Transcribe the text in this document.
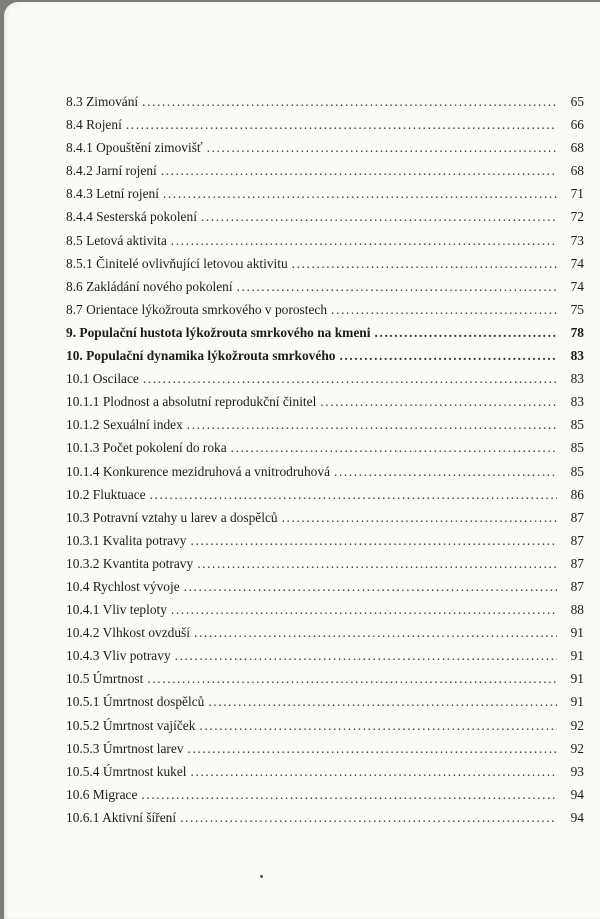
8.3 Zimování .....	65
8.4 Rojení .....	66
8.4.1 Opouštění zimovišť .....	68
8.4.2 Jarní rojení .....	68
8.4.3 Letní rojení .....	71
8.4.4 Sesterská pokolení .....	72
8.5 Letová aktivita .....	73
8.5.1 Činitelé ovlivňující letovou aktivitu .....	74
8.6 Zakládání nového pokolení .....	74
8.7 Orientace lýkožrouta smrkového v porostech .....	75
9. Populační hustota lýkožrouta smrkového na kmeni .....	78
10. Populační dynamika lýkožrouta smrkového .....	83
10.1 Oscilace .....	83
10.1.1 Plodnost a absolutní reprodukční činitel .....	83
10.1.2 Sexuální index .....	85
10.1.3 Počet pokolení do roka .....	85
10.1.4 Konkurence mezidruhová a vnitrodruhová .....	85
10.2 Fluktuace .....	86
10.3 Potravní vztahy u larev a dospělců .....	87
10.3.1 Kvalita potravy .....	87
10.3.2 Kvantita potravy .....	87
10.4 Rychlost vývoje .....	87
10.4.1 Vliv teploty .....	88
10.4.2 Vlhkost ovzduší .....	91
10.4.3 Vliv potravy .....	91
10.5 Úmrtnost .....	91
10.5.1 Úmrtnost dospělců .....	91
10.5.2 Úmrtnost vajíček .....	92
10.5.3 Úmrtnost larev .....	92
10.5.4 Úmrtnost kukel .....	93
10.6 Migrace .....	94
10.6.1 Aktivní šíření .....	94
